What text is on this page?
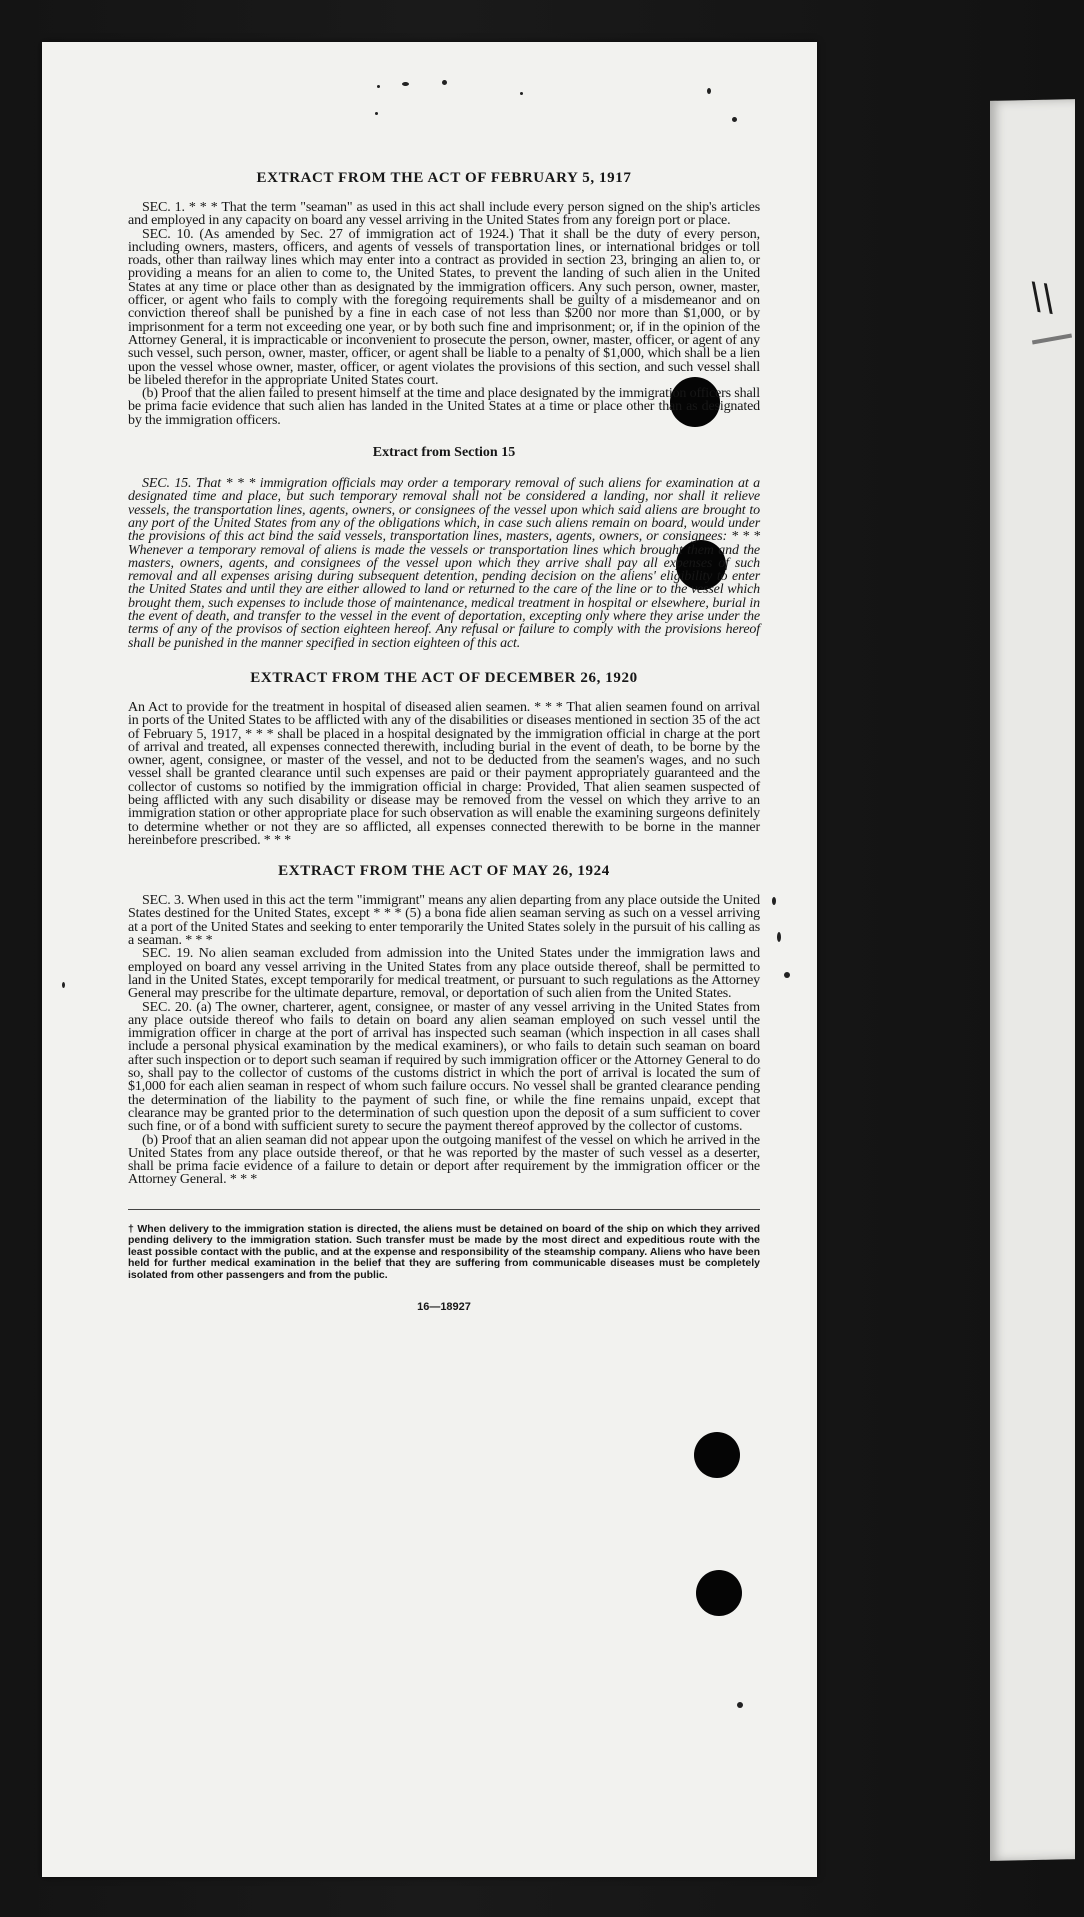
\\
EXTRACT FROM THE ACT OF FEBRUARY 5, 1917

SEC. 1. * * * That the term "seaman" as used in this act shall include every person signed on the ship's articles and employed in any capacity on board any vessel arriving in the United States from any foreign port or place.

SEC. 10. (As amended by Sec. 27 of immigration act of 1924.) That it shall be the duty of every person, including owners, masters, officers, and agents of vessels of transportation lines, or international bridges or toll roads, other than railway lines which may enter into a contract as provided in section 23, bringing an alien to, or providing a means for an alien to come to, the United States, to prevent the landing of such alien in the United States at any time or place other than as designated by the immigration officers. Any such person, owner, master, officer, or agent who fails to comply with the foregoing requirements shall be guilty of a misdemeanor and on conviction thereof shall be punished by a fine in each case of not less than $200 nor more than $1,000, or by imprisonment for a term not exceeding one year, or by both such fine and imprisonment; or, if in the opinion of the Attorney General, it is impracticable or inconvenient to prosecute the person, owner, master, officer, or agent of any such vessel, such person, owner, master, officer, or agent shall be liable to a penalty of $1,000, which shall be a lien upon the vessel whose owner, master, officer, or agent violates the provisions of this section, and such vessel shall be libeled therefor in the appropriate United States court.

(b) Proof that the alien failed to present himself at the time and place designated by the immigration officers shall be prima facie evidence that such alien has landed in the United States at a time or place other than as designated by the immigration officers.

Extract from Section 15

SEC. 15. That * * * immigration officials may order a temporary removal of such aliens for examination at a designated time and place, but such temporary removal shall not be considered a landing, nor shall it relieve vessels, the transportation lines, agents, owners, or consignees of the vessel upon which said aliens are brought to any port of the United States from any of the obligations which, in case such aliens remain on board, would under the provisions of this act bind the said vessels, transportation lines, masters, agents, owners, or consignees: * * * Whenever a temporary removal of aliens is made the vessels or transportation lines which brought them and the masters, owners, agents, and consignees of the vessel upon which they arrive shall pay all expenses of such removal and all expenses arising during subsequent detention, pending decision on the aliens' eligibility to enter the United States and until they are either allowed to land or returned to the care of the line or to the vessel which brought them, such expenses to include those of maintenance, medical treatment in hospital or elsewhere, burial in the event of death, and transfer to the vessel in the event of deportation, excepting only where they arise under the terms of any of the provisos of section eighteen hereof. Any refusal or failure to comply with the provisions hereof shall be punished in the manner specified in section eighteen of this act.

EXTRACT FROM THE ACT OF DECEMBER 26, 1920

An Act to provide for the treatment in hospital of diseased alien seamen. * * * That alien seamen found on arrival in ports of the United States to be afflicted with any of the disabilities or diseases mentioned in section 35 of the act of February 5, 1917, * * * shall be placed in a hospital designated by the immigration official in charge at the port of arrival and treated, all expenses connected therewith, including burial in the event of death, to be borne by the owner, agent, consignee, or master of the vessel, and not to be deducted from the seamen's wages, and no such vessel shall be granted clearance until such expenses are paid or their payment appropriately guaranteed and the collector of customs so notified by the immigration official in charge: Provided, That alien seamen suspected of being afflicted with any such disability or disease may be removed from the vessel on which they arrive to an immigration station or other appropriate place for such observation as will enable the examining surgeons definitely to determine whether or not they are so afflicted, all expenses connected therewith to be borne in the manner hereinbefore prescribed. * * *

EXTRACT FROM THE ACT OF MAY 26, 1924

SEC. 3. When used in this act the term "immigrant" means any alien departing from any place outside the United States destined for the United States, except * * * (5) a bona fide alien seaman serving as such on a vessel arriving at a port of the United States and seeking to enter temporarily the United States solely in the pursuit of his calling as a seaman. * * *

SEC. 19. No alien seaman excluded from admission into the United States under the immigration laws and employed on board any vessel arriving in the United States from any place outside thereof, shall be permitted to land in the United States, except temporarily for medical treatment, or pursuant to such regulations as the Attorney General may prescribe for the ultimate departure, removal, or deportation of such alien from the United States.

SEC. 20. (a) The owner, charterer, agent, consignee, or master of any vessel arriving in the United States from any place outside thereof who fails to detain on board any alien seaman employed on such vessel until the immigration officer in charge at the port of arrival has inspected such seaman (which inspection in all cases shall include a personal physical examination by the medical examiners), or who fails to detain such seaman on board after such inspection or to deport such seaman if required by such immigration officer or the Attorney General to do so, shall pay to the collector of customs of the customs district in which the port of arrival is located the sum of $1,000 for each alien seaman in respect of whom such failure occurs. No vessel shall be granted clearance pending the determination of the liability to the payment of such fine, or while the fine remains unpaid, except that clearance may be granted prior to the determination of such question upon the deposit of a sum sufficient to cover such fine, or of a bond with sufficient surety to secure the payment thereof approved by the collector of customs.

(b) Proof that an alien seaman did not appear upon the outgoing manifest of the vessel on which he arrived in the United States from any place outside thereof, or that he was reported by the master of such vessel as a deserter, shall be prima facie evidence of a failure to detain or deport after requirement by the immigration officer or the Attorney General. * * *

† When delivery to the immigration station is directed, the aliens must be detained on board of the ship on which they arrived pending delivery to the immigration station. Such transfer must be made by the most direct and expeditious route with the least possible contact with the public, and at the expense and responsibility of the steamship company. Aliens who have been held for further medical examination in the belief that they are suffering from communicable diseases must be completely isolated from other passengers and from the public.

16—18927
